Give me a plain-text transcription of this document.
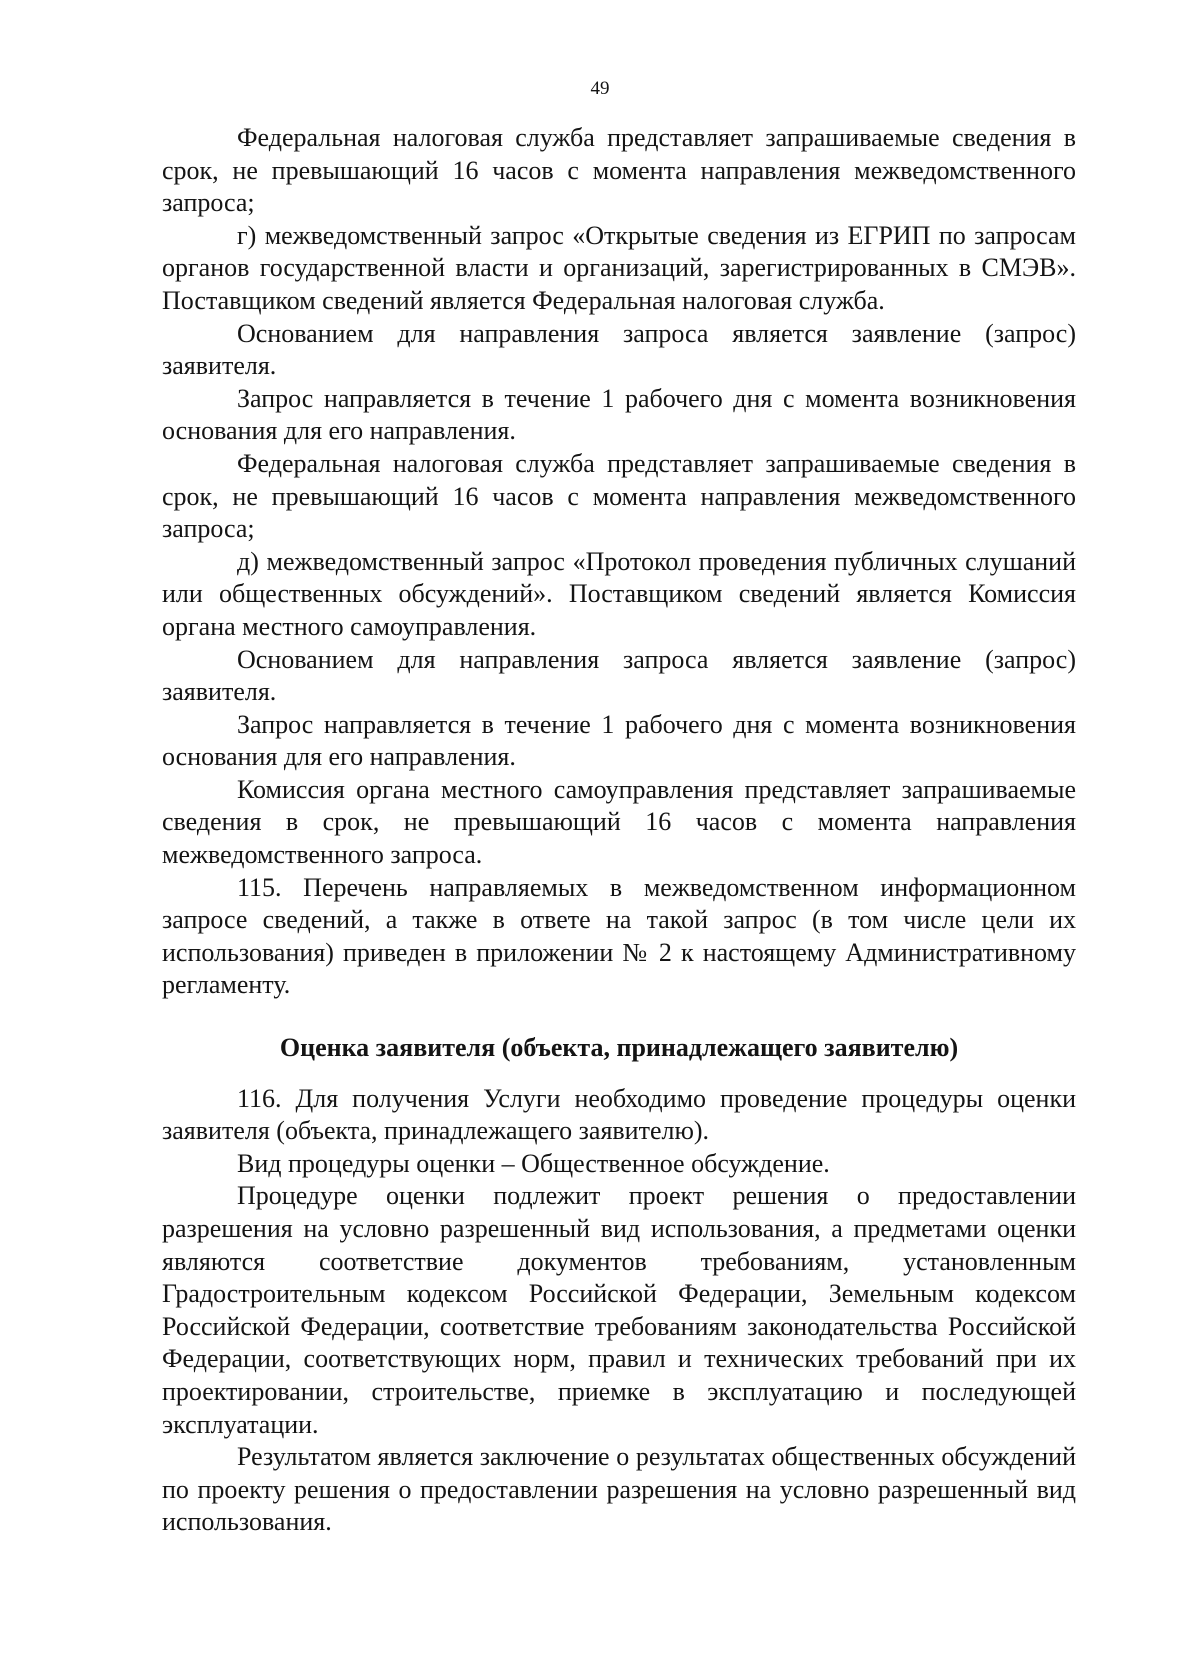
49

Федеральная налоговая служба представляет запрашиваемые сведения в срок, не превышающий 16 часов с момента направления межведомственного запроса;

г) межведомственный запрос «Открытые сведения из ЕГРИП по запросам органов государственной власти и организаций, зарегистрированных в СМЭВ». Поставщиком сведений является Федеральная налоговая служба.

Основанием для направления запроса является заявление (запрос) заявителя.

Запрос направляется в течение 1 рабочего дня с момента возникновения основания для его направления.

Федеральная налоговая служба представляет запрашиваемые сведения в срок, не превышающий 16 часов с момента направления межведомственного запроса;

д) межведомственный запрос «Протокол проведения публичных слушаний или общественных обсуждений». Поставщиком сведений является Комиссия органа местного самоуправления.

Основанием для направления запроса является заявление (запрос) заявителя.

Запрос направляется в течение 1 рабочего дня с момента возникновения основания для его направления.

Комиссия органа местного самоуправления представляет запрашиваемые сведения в срок, не превышающий 16 часов с момента направления межведомственного запроса.

115. Перечень направляемых в межведомственном информационном запросе сведений, а также в ответе на такой запрос (в том числе цели их использования) приведен в приложении № 2 к настоящему Административному регламенту.

Оценка заявителя (объекта, принадлежащего заявителю)

116. Для получения Услуги необходимо проведение процедуры оценки заявителя (объекта, принадлежащего заявителю).

Вид процедуры оценки – Общественное обсуждение.

Процедуре оценки подлежит проект решения о предоставлении разрешения на условно разрешенный вид использования, а предметами оценки являются соответствие документов требованиям, установленным Градостроительным кодексом Российской Федерации, Земельным кодексом Российской Федерации, соответствие требованиям законодательства Российской Федерации, соответствующих норм, правил и технических требований при их проектировании, строительстве, приемке в эксплуатацию и последующей эксплуатации.

Результатом является заключение о результатах общественных обсуждений по проекту решения о предоставлении разрешения на условно разрешенный вид использования.
